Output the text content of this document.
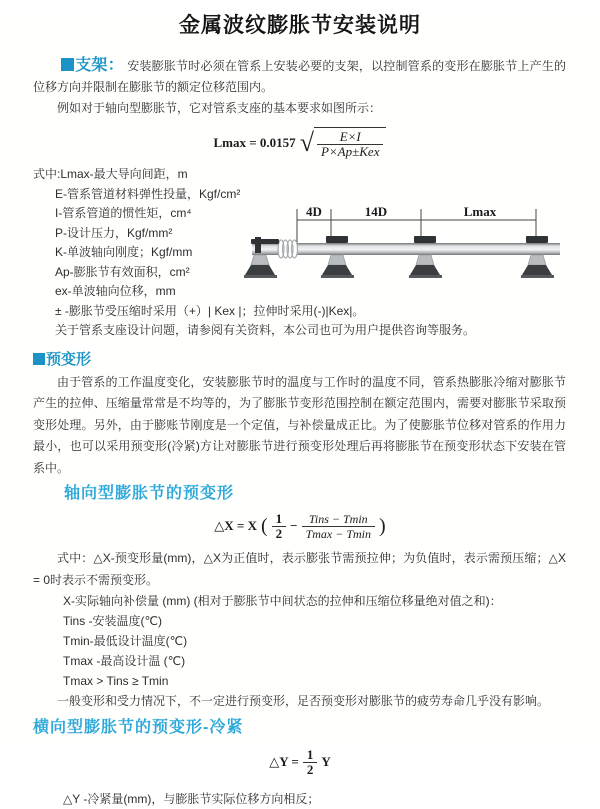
金属波纹膨胀节安装说明

支架： 安装膨胀节时必须在管系上安装必要的支架，以控制管系的变形在膨胀节上产生的位移方向并限制在膨胀节的额定位移范围内。

例如对于轴向型膨胀节，它对管系支座的基本要求如图所示：

Lmax = 0.0157 √ $\frac{E\times I}{\text{P×Ap±Kex}}$
式中:Lmax-最大导向间距，m
E-管系管道材料弹性投量，Kgf/cm²
I-管系管道的惯性矩，cm⁴
P-设计压力，Kgf/mm²
K-单波轴向刚度；Kgf/mm
Ap-膨胀节有效面积，cm²
ex-单波轴向位移，mm
± -膨胀节受压缩时采用（+）| Kex |；拉伸时采用(-)|Kex|。
关于管系支座设计问题，请参阅有关资料，本公司也可为用户提供咨询等服务。
4D	14D	Lmax
预变形

由于管系的工作温度变化，安装膨胀节时的温度与工作时的温度不同，管系热膨胀冷缩对膨胀节产生的拉伸、压缩量常常是不均等的，为了膨胀节变形范围控制在额定范围内，需要对膨胀节采取预变形处理。另外，由于膨账节刚度是一个定值，与补偿量成正比。为了使膨胀节位移对管系的作用力最小，也可以采用预变形(冷紧)方让对膨胀节进行预变形处理后再将膨胀节在预变形状态下安装在管系中。

轴向型膨胀节的预变形
△X = X ( $\frac{1}{2} - \frac{\text{Tins − Tmin}}{Tmax - Tmin}$ )

式中：△X-预变形量(mm)，△X为正值时，表示膨张节需预拉伸；为负值时，表示需预压缩；△X = 0时表示不需预变形。

X-实际轴向补偿量 (mm) (相对于膨胀节中间状态的拉伸和压缩位移量绝对值之和)：
Tins -安装温度(℃)
Tmin-最低设计温度(℃)
Tmax -最高设计温 (℃)
Tmax > Tins ≥ Tmin

一般变形和受力情况下，不一定进行预变形，足否预变形对膨胀节的疲劳寿命几乎没有影响。

横向型膨胀节的预变形-冷紧
△Y = $\frac{1}{2}$ Y
△Y -冷紧量(mm)，与膨胀节实际位移方向相反；
